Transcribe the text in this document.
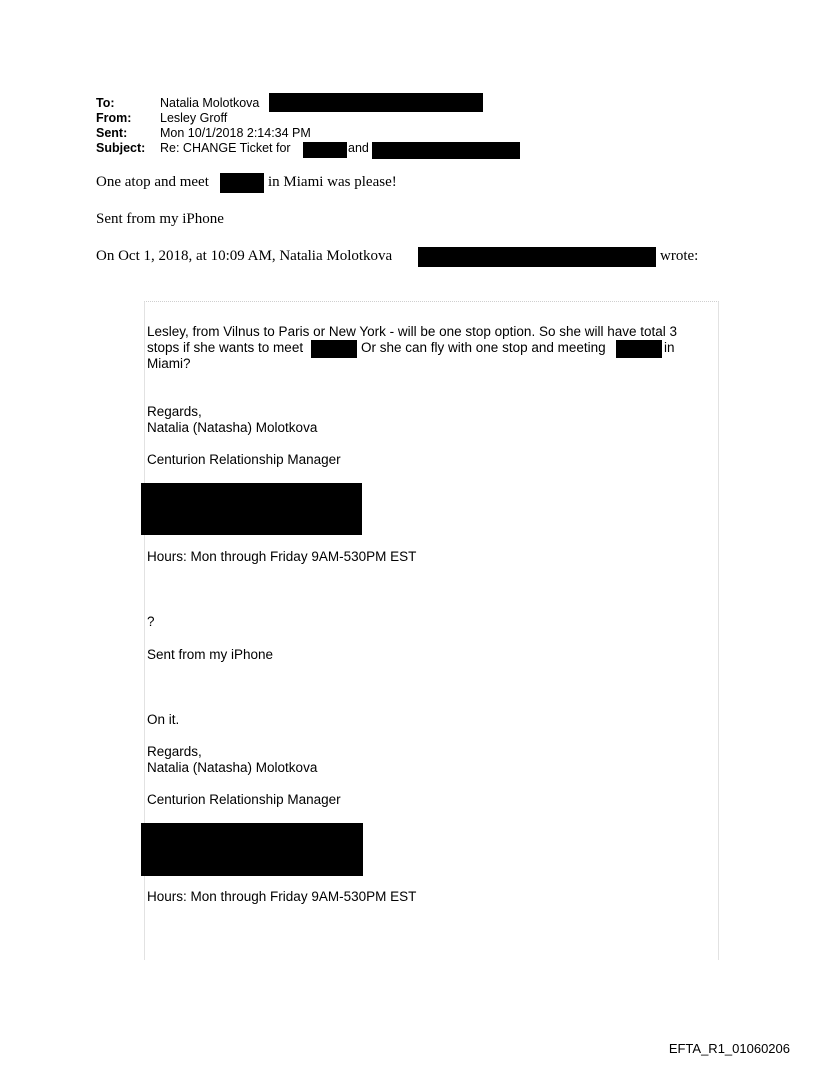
To:	Natalia Molotkova
From: Lesley Groff
Sent:	Mon 10/1/2018 2:14:34 PM
Subject: Re: CHANGE Ticket for	and
One atop and meet	in Miami was please!
Sent from my iPhone
On Oct 1, 2018, at 10:09 AM, Natalia Molotkova	wrote:
Lesley, from Vilnus to Paris or New York - will be one stop option. So she will have total 3
stops if she wants to meet	Or she can fly with one stop and meeting	in
Miami?
Regards,
Natalia (Natasha) Molotkova
Centurion Relationship Manager
Hours: Mon through Friday 9AM-530PM EST
?
Sent from my iPhone
On it.
Regards,
Natalia (Natasha) Molotkova
Centurion Relationship Manager
Hours: Mon through Friday 9AM-530PM EST
EFTA_R1_01060206
